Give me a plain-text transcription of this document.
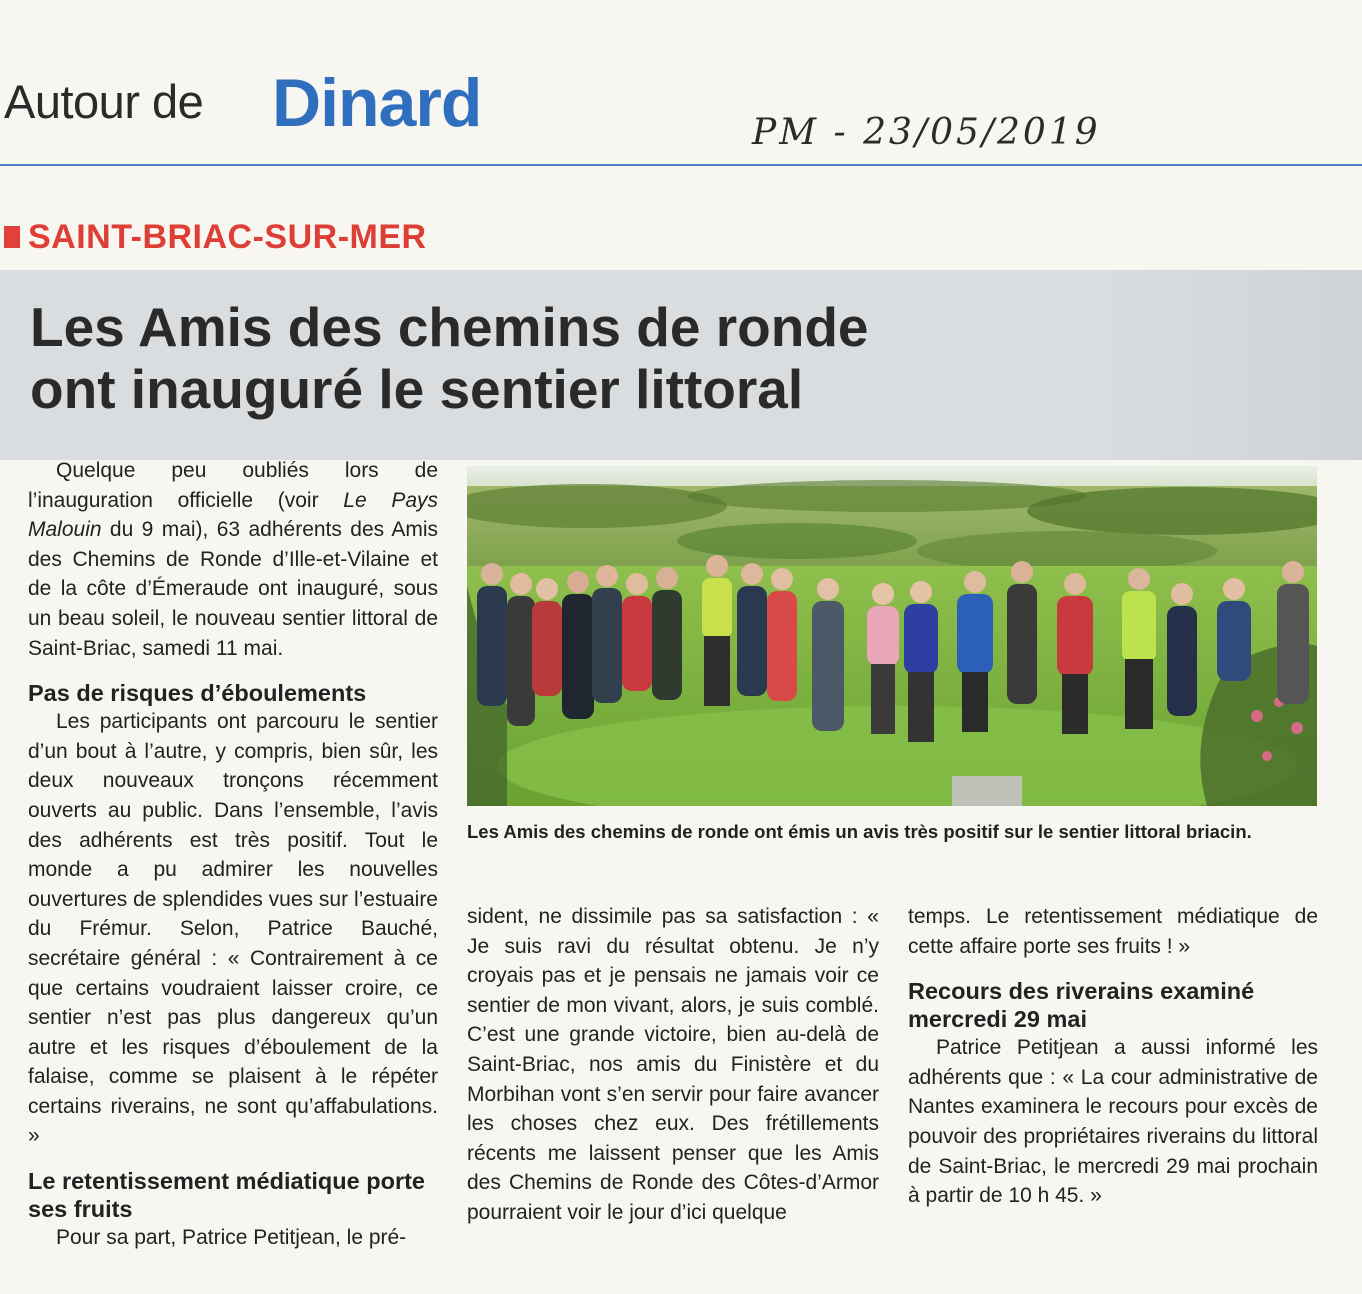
Autour de Dinard	PM - 23/05/2019
SAINT-BRIAC-SUR-MER
Les Amis des chemins de ronde
ont inauguré le sentier littoral
Les Amis des chemins de ronde ont émis un avis très positif sur le sentier littoral briacin.

Quelque peu oubliés lors de l’inauguration officielle (voir Le Pays Malouin du 9 mai), 63 adhérents des Amis des Chemins de Ronde d’Ille-et-Vilaine et de la côte d’Émeraude ont inauguré, sous un beau soleil, le nouveau sentier littoral de Saint-Briac, samedi 11 mai.

Pas de risques d’éboulements

Les participants ont parcouru le sentier d’un bout à l’autre, y compris, bien sûr, les deux nouveaux tronçons récemment ouverts au public. Dans l’ensemble, l’avis des adhérents est très positif. Tout le monde a pu admirer les nouvelles ouvertures de splendides vues sur l’estuaire du Frémur. Selon, Patrice Bauché, secrétaire général : « Contrairement à ce que certains voudraient laisser croire, ce sentier n’est pas plus dangereux qu’un autre et les risques d’éboulement de la falaise, comme se plaisent à le répéter certains riverains, ne sont qu’affabulations. »

Le retentissement médiatique porte ses fruits

Pour sa part, Patrice Petitjean, le pré-

sident, ne dissimile pas sa satisfaction : « Je suis ravi du résultat obtenu. Je n’y croyais pas et je pensais ne jamais voir ce sentier de mon vivant, alors, je suis comblé. C’est une grande victoire, bien au-delà de Saint-Briac, nos amis du Finistère et du Morbihan vont s’en servir pour faire avancer les choses chez eux. Des frétillements récents me laissent penser que les Amis des Chemins de Ronde des Côtes-d’Armor pourraient voir le jour d’ici quelque

temps. Le retentissement médiatique de cette affaire porte ses fruits ! »

Recours des riverains examiné mercredi 29 mai

Patrice Petitjean a aussi informé les adhérents que : « La cour administrative de Nantes examinera le recours pour excès de pouvoir des propriétaires riverains du littoral de Saint-Briac, le mercredi 29 mai prochain à partir de 10 h 45. »
